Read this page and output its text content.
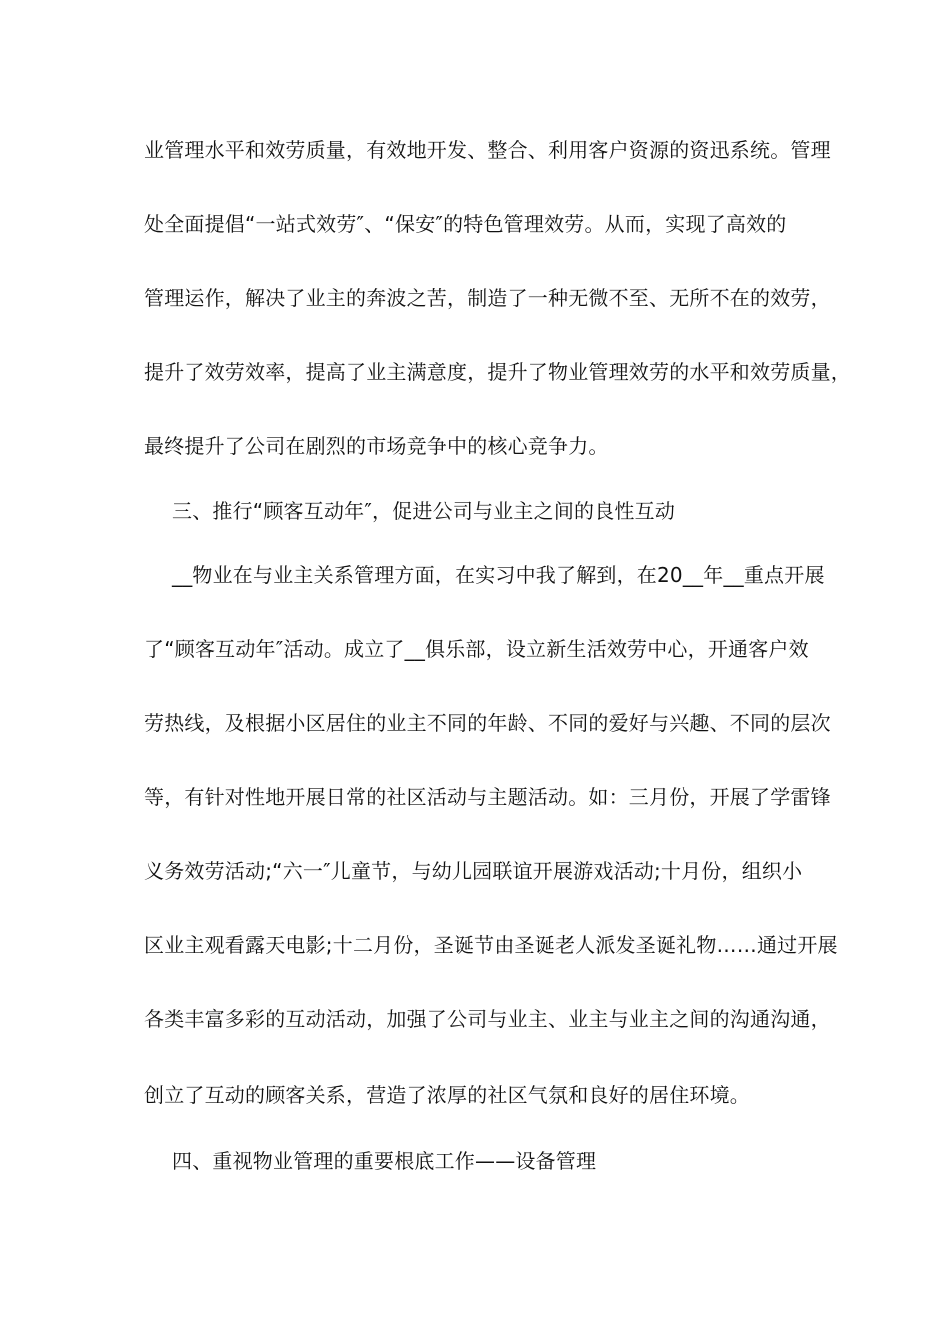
业管理水平和效劳质量，有效地开发、整合、利用客户资源的资迅系统。管理
处全面提倡“一站式效劳″、“保安″的特色管理效劳。从而，实现了高效的
管理运作，解决了业主的奔波之苦，制造了一种无微不至、无所不在的效劳，
提升了效劳效率，提高了业主满意度，提升了物业管理效劳的水平和效劳质量，
最终提升了公司在剧烈的市场竞争中的核心竞争力。
三、推行“顾客互动年″，促进公司与业主之间的良性互动
__物业在与业主关系管理方面，在实习中我了解到，在20__年__重点开展
了“顾客互动年″活动。成立了__俱乐部，设立新生活效劳中心，开通客户效
劳热线，及根据小区居住的业主不同的年龄、不同的爱好与兴趣、不同的层次
等，有针对性地开展日常的社区活动与主题活动。如：三月份，开展了学雷锋
义务效劳活动;“六一″儿童节，与幼儿园联谊开展游戏活动;十月份，组织小
区业主观看露天电影;十二月份，圣诞节由圣诞老人派发圣诞礼物……通过开展
各类丰富多彩的互动活动，加强了公司与业主、业主与业主之间的沟通沟通，
创立了互动的顾客关系，营造了浓厚的社区气氛和良好的居住环境。
四、重视物业管理的重要根底工作——设备管理
